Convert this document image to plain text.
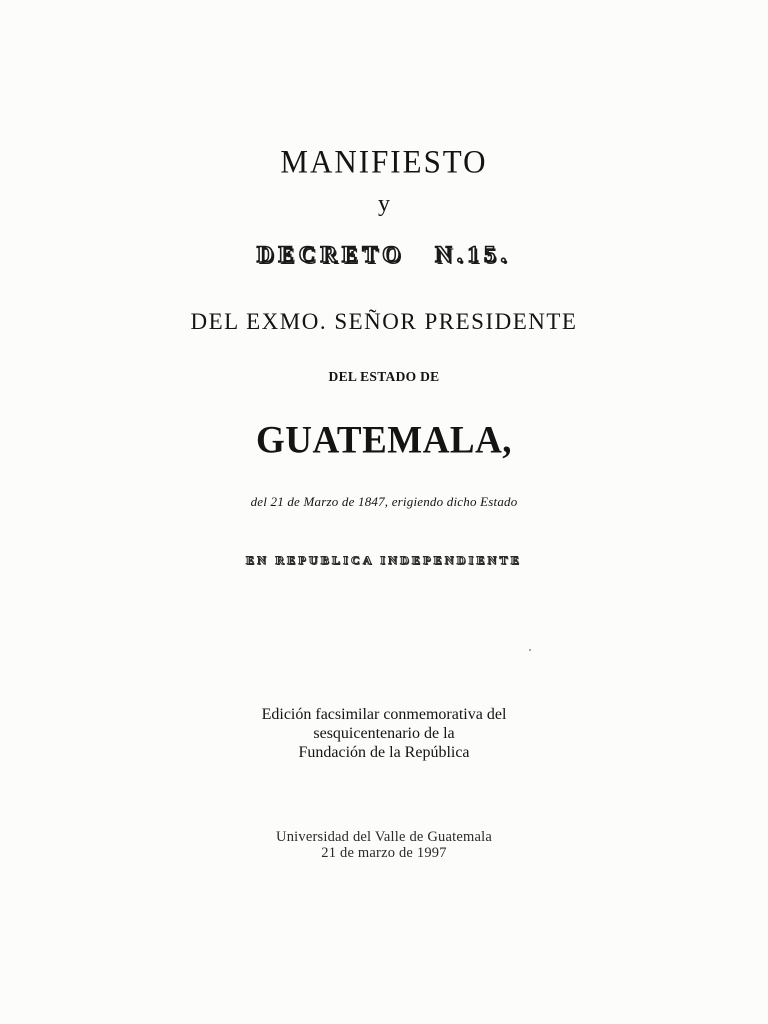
MANIFIESTO
y
DECRETO N.15.
DEL EXMO. SEÑOR PRESIDENTE
DEL ESTADO DE
GUATEMALA,
del 21 de Marzo de 1847, erigiendo dicho Estado
EN REPUBLICA INDEPENDIENTE
Edición facsimilar conmemorativa del
sesquicentenario de la
Fundación de la República
Universidad del Valle de Guatemala
21 de marzo de 1997
